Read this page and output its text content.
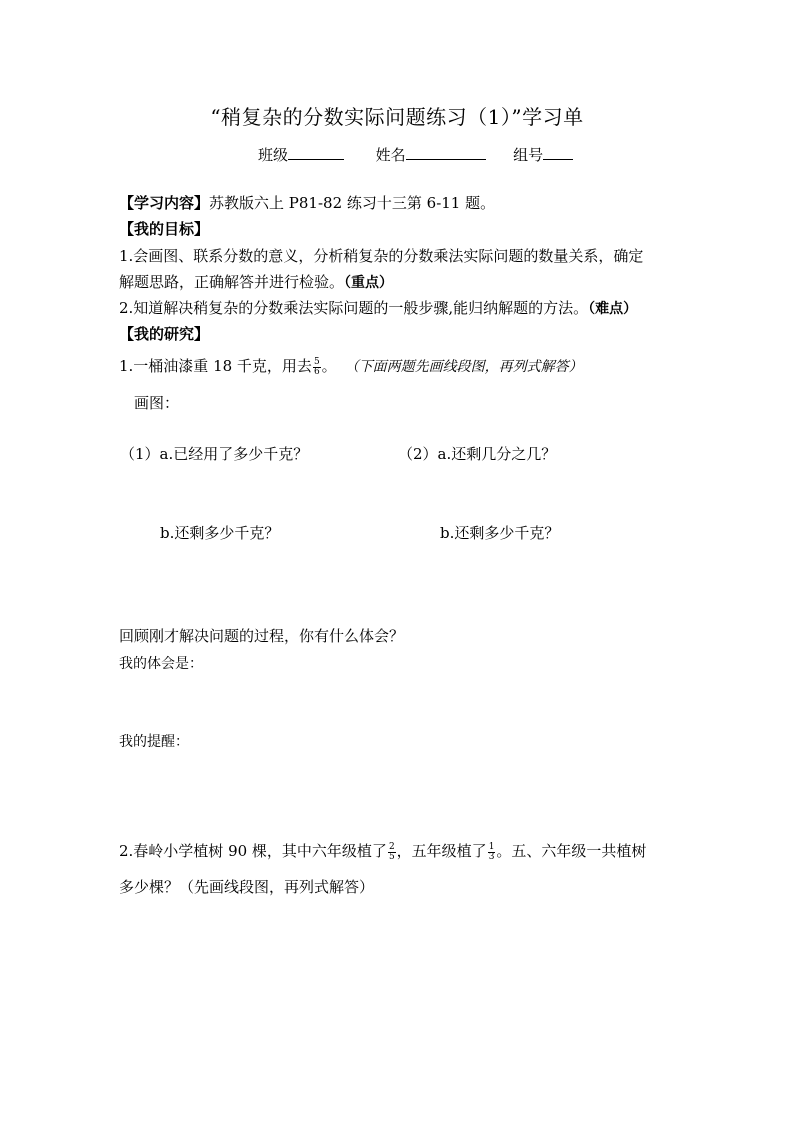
“稍复杂的分数实际问题练习（1）”学习单
班级	姓名	组号
【学习内容】苏教版六上 P81-82 练习十三第 6-11 题。
【我的目标】
1.会画图、联系分数的意义，分析稍复杂的分数乘法实际问题的数量关系，确定
解题思路，正确解答并进行检验。（重点）
2.知道解决稍复杂的分数乘法实际问题的一般步骤,能归纳解题的方法。（难点）
【我的研究】
1.一桶油漆重 18 千克，用去 $\frac{5}{6}$ 。 （下面两题先画线段图，再列式解答）
画图：
（1）a.已经用了多少千克？	（2）a.还剩几分之几？
b.还剩多少千克？	b.还剩多少千克？
回顾刚才解决问题的过程，你有什么体会？
我的体会是：
我的提醒：
2.春岭小学植树 90 棵，其中六年级植了 $\frac{2}{5}$ ，五年级植了 $\frac{1}{3}$ 。五、六年级一共植树
多少棵？（先画线段图，再列式解答）
